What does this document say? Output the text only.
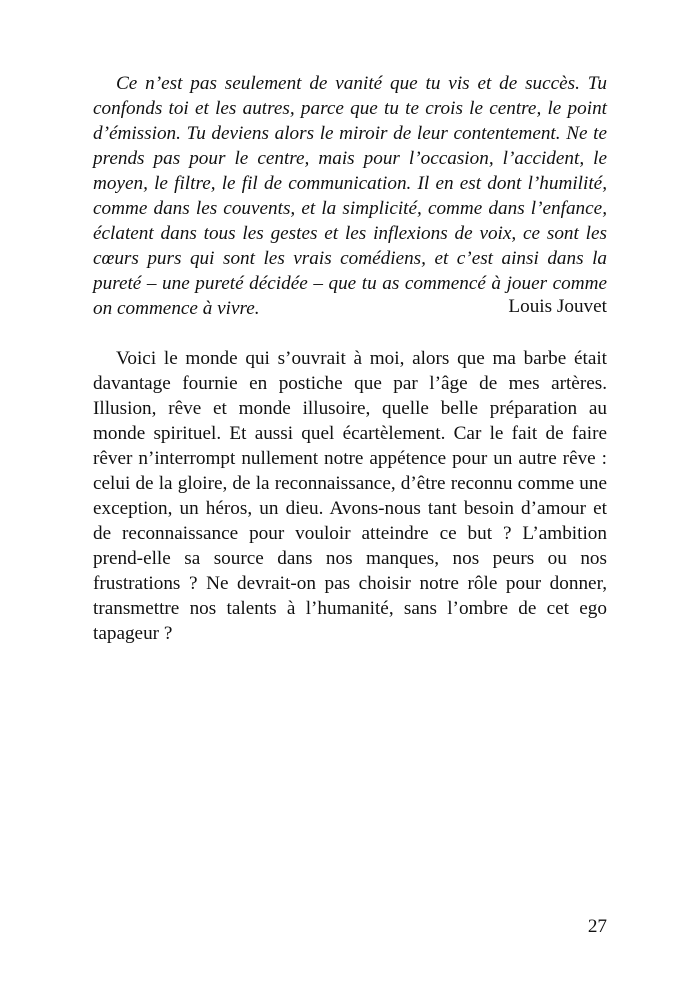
Ce n’est pas seulement de vanité que tu vis et de succès. Tu confonds toi et les autres, parce que tu te crois le centre, le point d’émission. Tu deviens alors le miroir de leur contentement. Ne te prends pas pour le centre, mais pour l’occasion, l’accident, le moyen, le filtre, le fil de communication. Il en est dont l’humilité, comme dans les couvents, et la simplicité, comme dans l’enfance, éclatent dans tous les gestes et les inflexions de voix, ce sont les cœurs purs qui sont les vrais comédiens, et c’est ainsi dans la pureté – une pureté décidée – que tu as commencé à jouer comme on commence à vivre.	Louis Jouvet

Voici le monde qui s’ouvrait à moi, alors que ma barbe était davantage fournie en postiche que par l’âge de mes artères. Illusion, rêve et monde illusoire, quelle belle préparation au monde spirituel. Et aussi quel écartèlement. Car le fait de faire rêver n’interrompt nullement notre appétence pour un autre rêve : celui de la gloire, de la reconnaissance, d’être reconnu comme une exception, un héros, un dieu. Avons-nous tant besoin d’amour et de reconnaissance pour vouloir atteindre ce but ? L’ambition prend-elle sa source dans nos manques, nos peurs ou nos frustrations ? Ne devrait-on pas choisir notre rôle pour donner, transmettre nos talents à l’humanité, sans l’ombre de cet ego tapageur ?

27
